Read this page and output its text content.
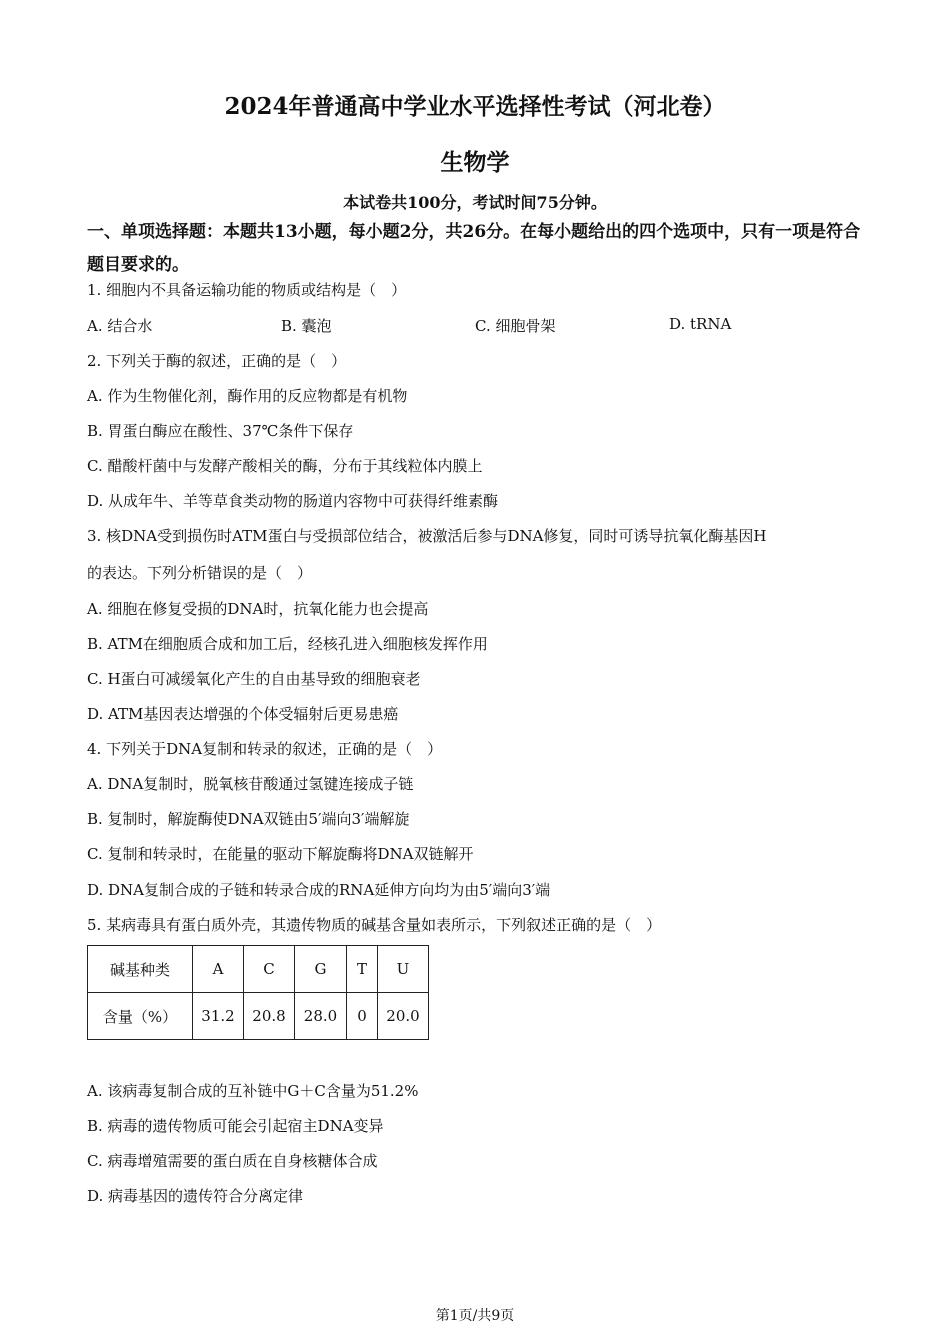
2024年普通高中学业水平选择性考试（河北卷）
生物学
本试卷共100分，考试时间75分钟。
一、单项选择题：本题共13小题，每小题2分，共26分。在每小题给出的四个选项中，只有一项是符合题目要求的。
1. 细胞内不具备运输功能的物质或结构是（　）
A. 结合水	B. 囊泡	C. 细胞骨架	D. tRNA
2. 下列关于酶的叙述，正确的是（　）
A. 作为生物催化剂，酶作用的反应物都是有机物
B. 胃蛋白酶应在酸性、37℃条件下保存
C. 醋酸杆菌中与发酵产酸相关的酶，分布于其线粒体内膜上
D. 从成年牛、羊等草食类动物的肠道内容物中可获得纤维素酶
3. 核DNA受到损伤时ATM蛋白与受损部位结合，被激活后参与DNA修复，同时可诱导抗氧化酶基因H
的表达。下列分析错误的是（　）
A. 细胞在修复受损的DNA时，抗氧化能力也会提高
B. ATM在细胞质合成和加工后，经核孔进入细胞核发挥作用
C. H蛋白可减缓氧化产生的自由基导致的细胞衰老
D. ATM基因表达增强的个体受辐射后更易患癌
4. 下列关于DNA复制和转录的叙述，正确的是（　）
A. DNA复制时，脱氧核苷酸通过氢键连接成子链
B. 复制时，解旋酶使DNA双链由5′端向3′端解旋
C. 复制和转录时，在能量的驱动下解旋酶将DNA双链解开
D. DNA复制合成的子链和转录合成的RNA延伸方向均为由5′端向3′端
5. 某病毒具有蛋白质外壳，其遗传物质的碱基含量如表所示，下列叙述正确的是（　）
碱基种类	A	C	G	T	U
含量（%）	31.2	20.8	28.0	0	20.0
A. 该病毒复制合成的互补链中G＋C含量为51.2%
B. 病毒的遗传物质可能会引起宿主DNA变异
C. 病毒增殖需要的蛋白质在自身核糖体合成
D. 病毒基因的遗传符合分离定律
第1页/共9页
